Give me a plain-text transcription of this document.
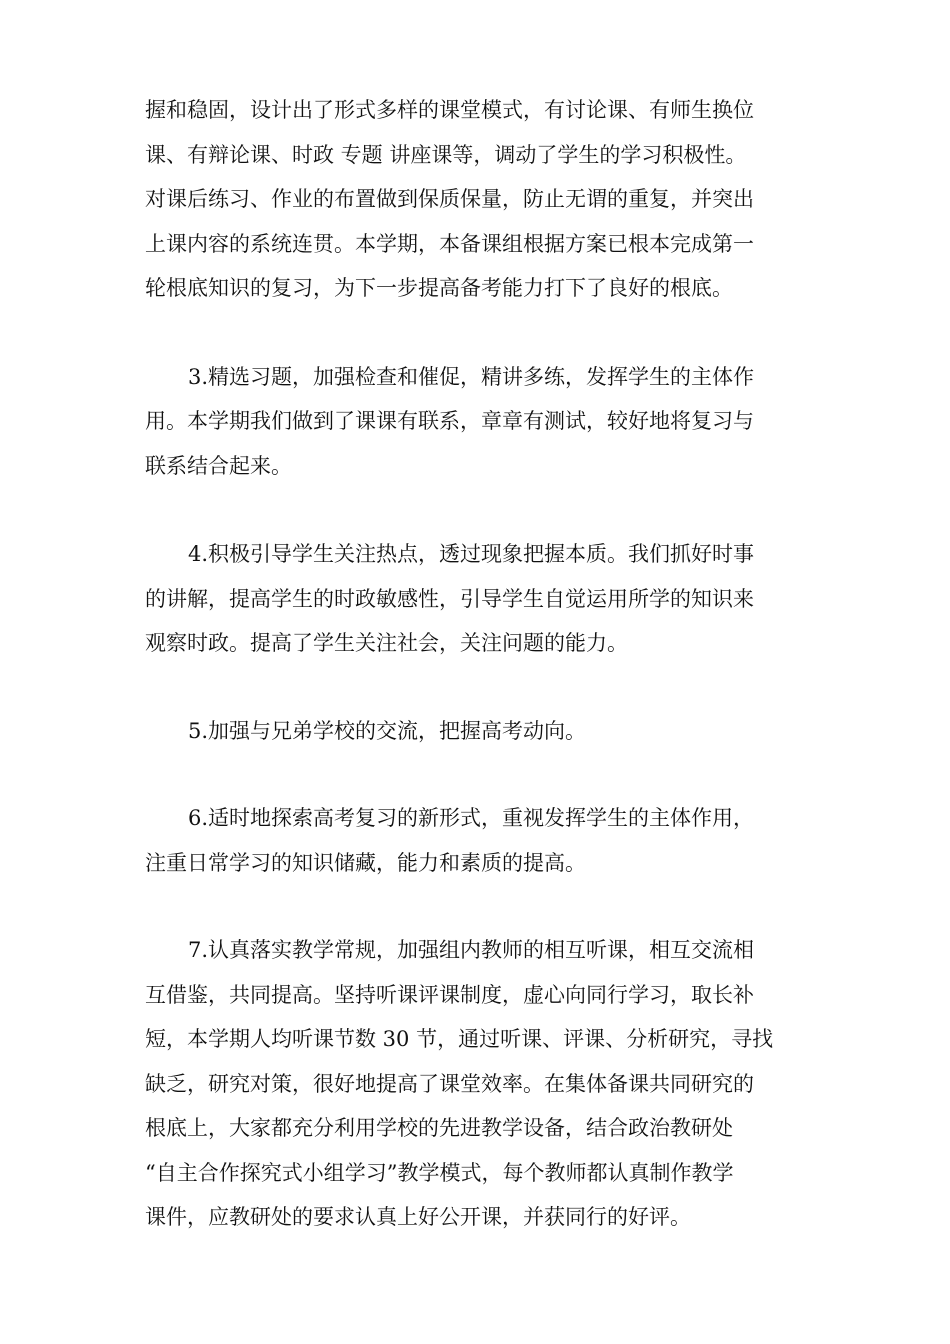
握和稳固，设计出了形式多样的课堂模式，有讨论课、有师生换位
课、有辩论课、时政 专题 讲座课等，调动了学生的学习积极性。
对课后练习、作业的布置做到保质保量，防止无谓的重复，并突出
上课内容的系统连贯。本学期，本备课组根据方案已根本完成第一
轮根底知识的复习，为下一步提高备考能力打下了良好的根底。

3.精选习题，加强检查和催促，精讲多练，发挥学生的主体作
用。本学期我们做到了课课有联系，章章有测试，较好地将复习与
联系结合起来。

4.积极引导学生关注热点，透过现象把握本质。我们抓好时事
的讲解，提高学生的时政敏感性，引导学生自觉运用所学的知识来
观察时政。提高了学生关注社会，关注问题的能力。

5.加强与兄弟学校的交流，把握高考动向。

6.适时地探索高考复习的新形式，重视发挥学生的主体作用，
注重日常学习的知识储藏，能力和素质的提高。

7.认真落实教学常规，加强组内教师的相互听课，相互交流相
互借鉴，共同提高。坚持听课评课制度，虚心向同行学习，取长补
短，本学期人均听课节数 30 节，通过听课、评课、分析研究，寻找
缺乏，研究对策，很好地提高了课堂效率。在集体备课共同研究的
根底上，大家都充分利用学校的先进教学设备，结合政治教研处
“自主合作探究式小组学习”教学模式，每个教师都认真制作教学
课件，应教研处的要求认真上好公开课，并获同行的好评。
